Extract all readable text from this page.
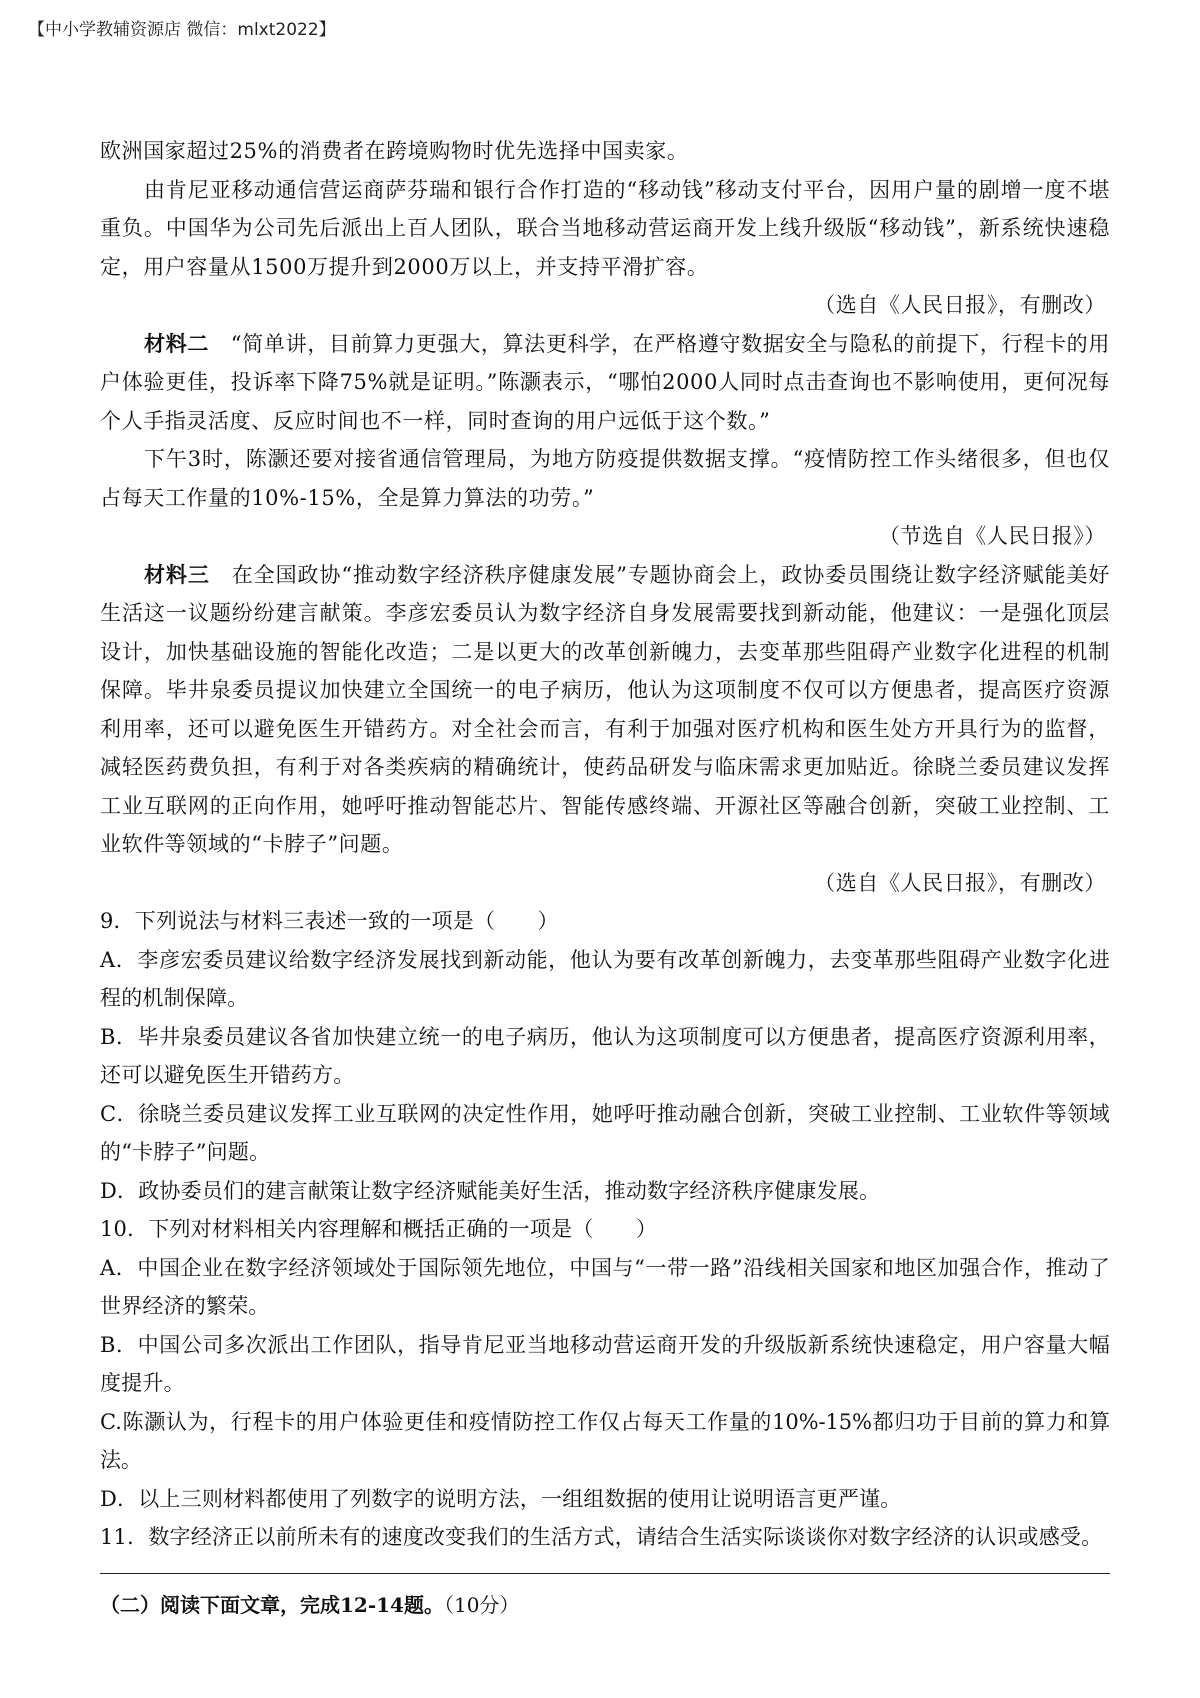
【中小学教辅资源店 微信：mlxt2022】

欧洲国家超过25%的消费者在跨境购物时优先选择中国卖家。

由肯尼亚移动通信营运商萨芬瑞和银行合作打造的“移动钱”移动支付平台，因用户量的剧增一度不堪重负。中国华为公司先后派出上百人团队，联合当地移动营运商开发上线升级版“移动钱”，新系统快速稳定，用户容量从1500万提升到2000万以上，并支持平滑扩容。

（选自《人民日报》，有删改）

材料二　 “简单讲，目前算力更强大，算法更科学，在严格遵守数据安全与隐私的前提下，行程卡的用户体验更佳，投诉率下降75%就是证明。”陈灏表示，“哪怕2000人同时点击查询也不影响使用，更何况每个人手指灵活度、反应时间也不一样，同时查询的用户远低于这个数。”

下午3时，陈灏还要对接省通信管理局，为地方防疫提供数据支撑。“疫情防控工作头绪很多，但也仅占每天工作量的10%-15%，全是算力算法的功劳。”

（节选自《人民日报》）

材料三　 在全国政协“推动数字经济秩序健康发展”专题协商会上，政协委员围绕让数字经济赋能美好生活这一议题纷纷建言献策。李彦宏委员认为数字经济自身发展需要找到新动能，他建议：一是强化顶层设计，加快基础设施的智能化改造；二是以更大的改革创新魄力，去变革那些阻碍产业数字化进程的机制保障。毕井泉委员提议加快建立全国统一的电子病历，他认为这项制度不仅可以方便患者，提高医疗资源利用率，还可以避免医生开错药方。对全社会而言，有利于加强对医疗机构和医生处方开具行为的监督，减轻医药费负担，有利于对各类疾病的精确统计，使药品研发与临床需求更加贴近。徐晓兰委员建议发挥工业互联网的正向作用，她呼吁推动智能芯片、智能传感终端、开源社区等融合创新，突破工业控制、工业软件等领域的“卡脖子”问题。

（选自《人民日报》，有删改）

9．下列说法与材料三表述一致的一项是（　　）

A．李彦宏委员建议给数字经济发展找到新动能，他认为要有改革创新魄力，去变革那些阻碍产业数字化进程的机制保障。

B．毕井泉委员建议各省加快建立统一的电子病历，他认为这项制度可以方便患者，提高医疗资源利用率，还可以避免医生开错药方。

C．徐晓兰委员建议发挥工业互联网的决定性作用，她呼吁推动融合创新，突破工业控制、工业软件等领域的“卡脖子”问题。

D．政协委员们的建言献策让数字经济赋能美好生活，推动数字经济秩序健康发展。

10．下列对材料相关内容理解和概括正确的一项是（　　）

A．中国企业在数字经济领域处于国际领先地位，中国与“一带一路”沿线相关国家和地区加强合作，推动了世界经济的繁荣。

B．中国公司多次派出工作团队，指导肯尼亚当地移动营运商开发的升级版新系统快速稳定，用户容量大幅度提升。

C.陈灏认为，行程卡的用户体验更佳和疫情防控工作仅占每天工作量的10%-15%都归功于目前的算力和算法。

D．以上三则材料都使用了列数字的说明方法，一组组数据的使用让说明语言更严谨。

11．数字经济正以前所未有的速度改变我们的生活方式，请结合生活实际谈谈你对数字经济的认识或感受。

（二）阅读下面文章，完成12-14题。（10分）
